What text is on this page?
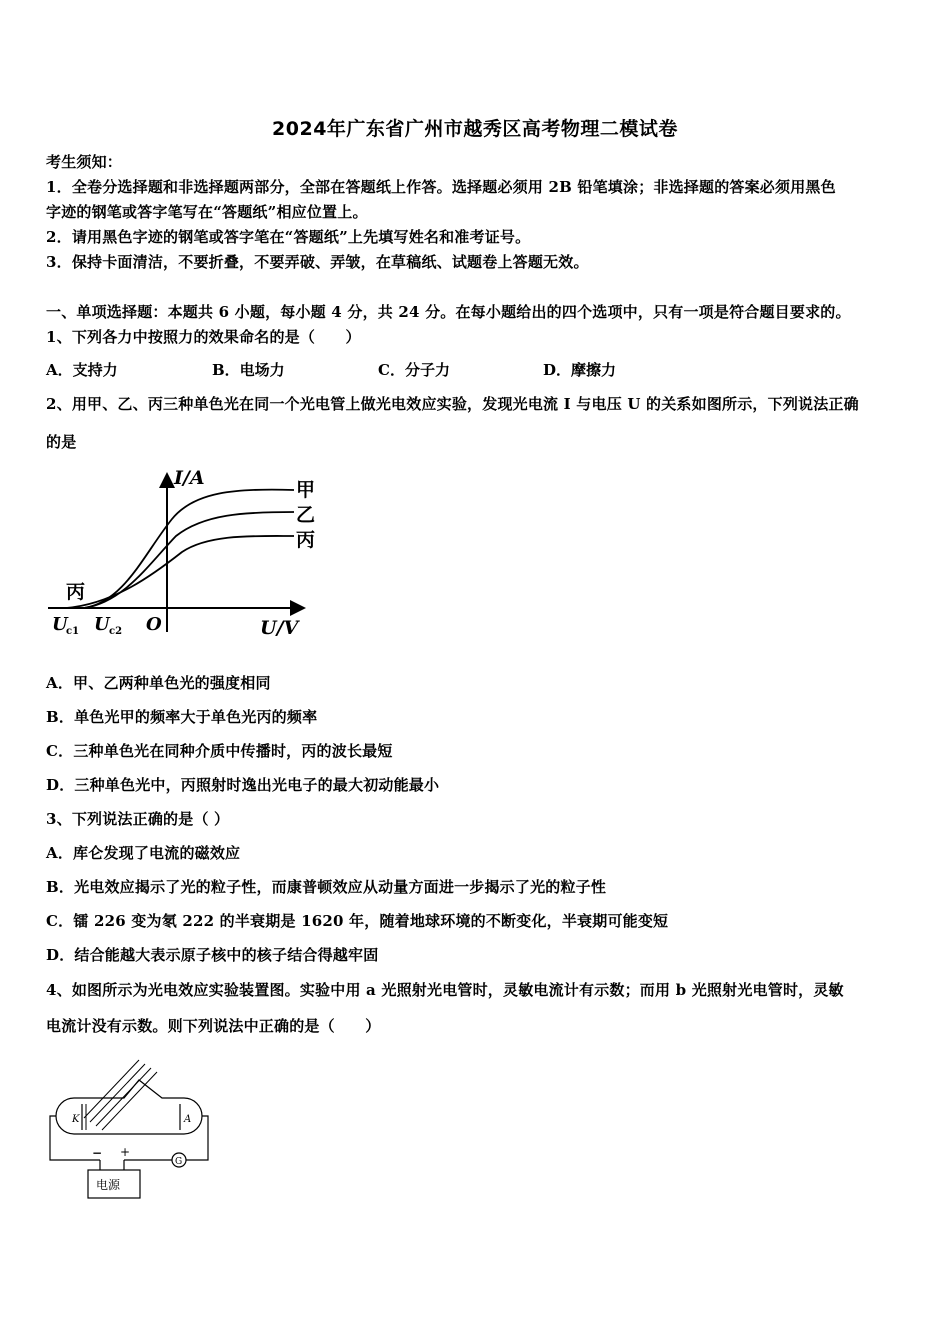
2024年广东省广州市越秀区高考物理二模试卷
考生须知：
1．全卷分选择题和非选择题两部分，全部在答题纸上作答。选择题必须用 2B 铅笔填涂；非选择题的答案必须用黑色
字迹的钢笔或答字笔写在“答题纸”相应位置上。
2．请用黑色字迹的钢笔或答字笔在“答题纸”上先填写姓名和准考证号。
3．保持卡面清洁，不要折叠，不要弄破、弄皱，在草稿纸、试题卷上答题无效。
一、单项选择题：本题共 6 小题，每小题 4 分，共 24 分。在每小题给出的四个选项中，只有一项是符合题目要求的。
1、下列各力中按照力的效果命名的是（　　）
A．支持力	B．电场力	C．分子力	D．摩擦力
2、用甲、乙、丙三种单色光在同一个光电管上做光电效应实验，发现光电流 I 与电压 U 的关系如图所示，下列说法正确
的是
I/A
U/V
O
甲
乙
丙
丙
U
c1 U c2
A．甲、乙两种单色光的强度相同
B．单色光甲的频率大于单色光丙的频率
C．三种单色光在同种介质中传播时，丙的波长最短
D．三种单色光中，丙照射时逸出光电子的最大初动能最小
3、下列说法正确的是（ ）
A．库仑发现了电流的磁效应
B．光电效应揭示了光的粒子性，而康普顿效应从动量方面进一步揭示了光的粒子性
C．镭 226 变为氡 222 的半衰期是 1620 年，随着地球环境的不断变化，半衰期可能变短
D．结合能越大表示原子核中的核子结合得越牢固
4、如图所示为光电效应实验装置图。实验中用 a 光照射光电管时，灵敏电流计有示数；而用 b 光照射光电管时，灵敏
电流计没有示数。则下列说法中正确的是（　　）
K	A
G
− +
电源
